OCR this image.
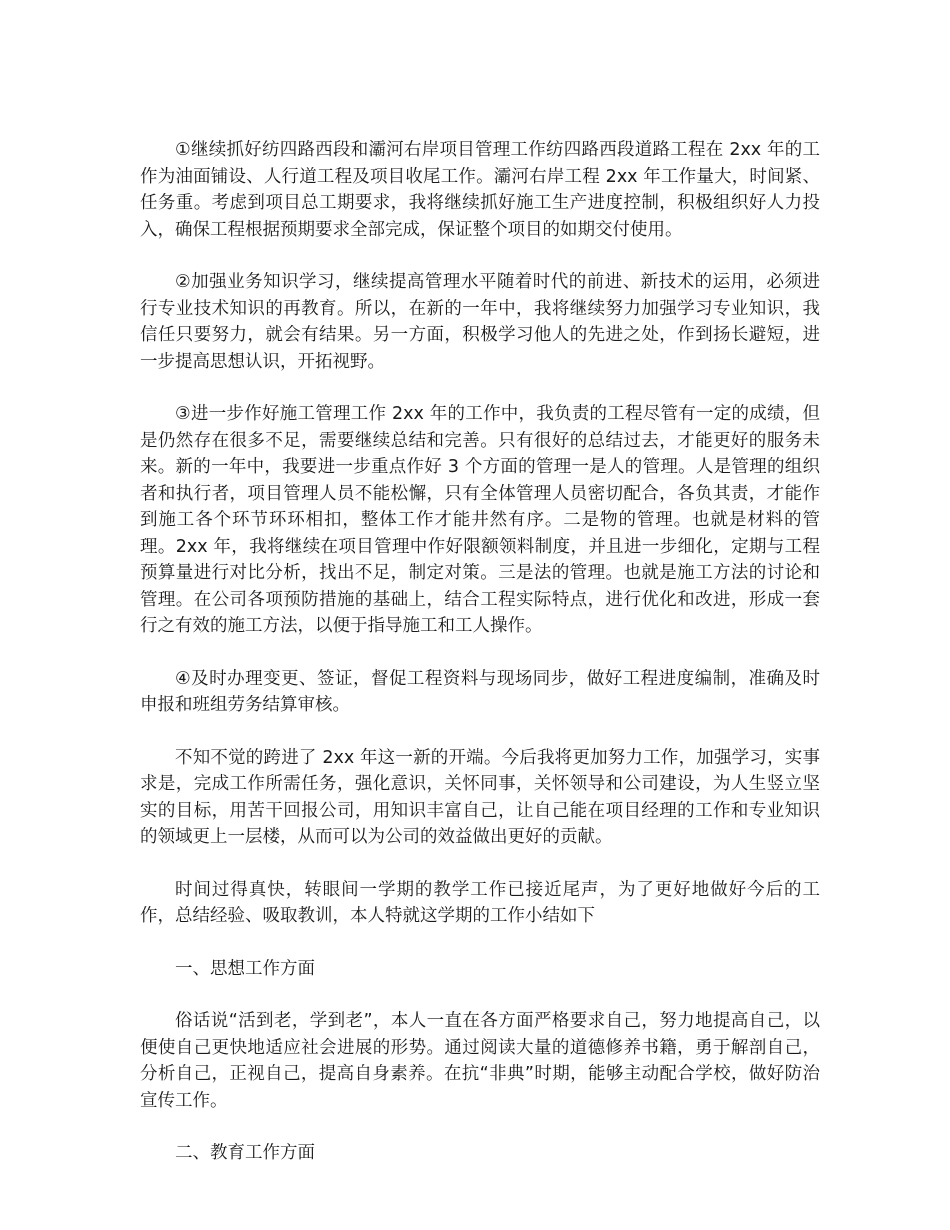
①继续抓好纺四路西段和灞河右岸项目管理工作纺四路西段道路工程在 2xx 年的工作为油面铺设、人行道工程及项目收尾工作。灞河右岸工程 2xx 年工作量大，时间紧、任务重。考虑到项目总工期要求，我将继续抓好施工生产进度控制，积极组织好人力投入，确保工程根据预期要求全部完成，保证整个项目的如期交付使用。

②加强业务知识学习，继续提高管理水平随着时代的前进、新技术的运用，必须进行专业技术知识的再教育。所以，在新的一年中，我将继续努力加强学习专业知识，我信任只要努力，就会有结果。另一方面，积极学习他人的先进之处，作到扬长避短，进一步提高思想认识，开拓视野。

③进一步作好施工管理工作 2xx 年的工作中，我负责的工程尽管有一定的成绩，但是仍然存在很多不足，需要继续总结和完善。只有很好的总结过去，才能更好的服务未来。新的一年中，我要进一步重点作好 3 个方面的管理一是人的管理。人是管理的组织者和执行者，项目管理人员不能松懈，只有全体管理人员密切配合，各负其责，才能作到施工各个环节环环相扣，整体工作才能井然有序。二是物的管理。也就是材料的管理。2xx 年，我将继续在项目管理中作好限额领料制度，并且进一步细化，定期与工程预算量进行对比分析，找出不足，制定对策。三是法的管理。也就是施工方法的讨论和管理。在公司各项预防措施的基础上，结合工程实际特点，进行优化和改进，形成一套行之有效的施工方法，以便于指导施工和工人操作。

④及时办理变更、签证，督促工程资料与现场同步，做好工程进度编制，准确及时申报和班组劳务结算审核。

不知不觉的跨进了 2xx 年这一新的开端。今后我将更加努力工作，加强学习，实事求是，完成工作所需任务，强化意识，关怀同事，关怀领导和公司建设，为人生竖立坚实的目标，用苦干回报公司，用知识丰富自己，让自己能在项目经理的工作和专业知识的领域更上一层楼，从而可以为公司的效益做出更好的贡献。

时间过得真快，转眼间一学期的教学工作已接近尾声，为了更好地做好今后的工作，总结经验、吸取教训，本人特就这学期的工作小结如下

一、思想工作方面

俗话说“活到老，学到老”，本人一直在各方面严格要求自己，努力地提高自己，以便使自己更快地适应社会进展的形势。通过阅读大量的道德修养书籍，勇于解剖自己，分析自己，正视自己，提高自身素养。在抗“非典”时期，能够主动配合学校，做好防治宣传工作。

二、教育工作方面
